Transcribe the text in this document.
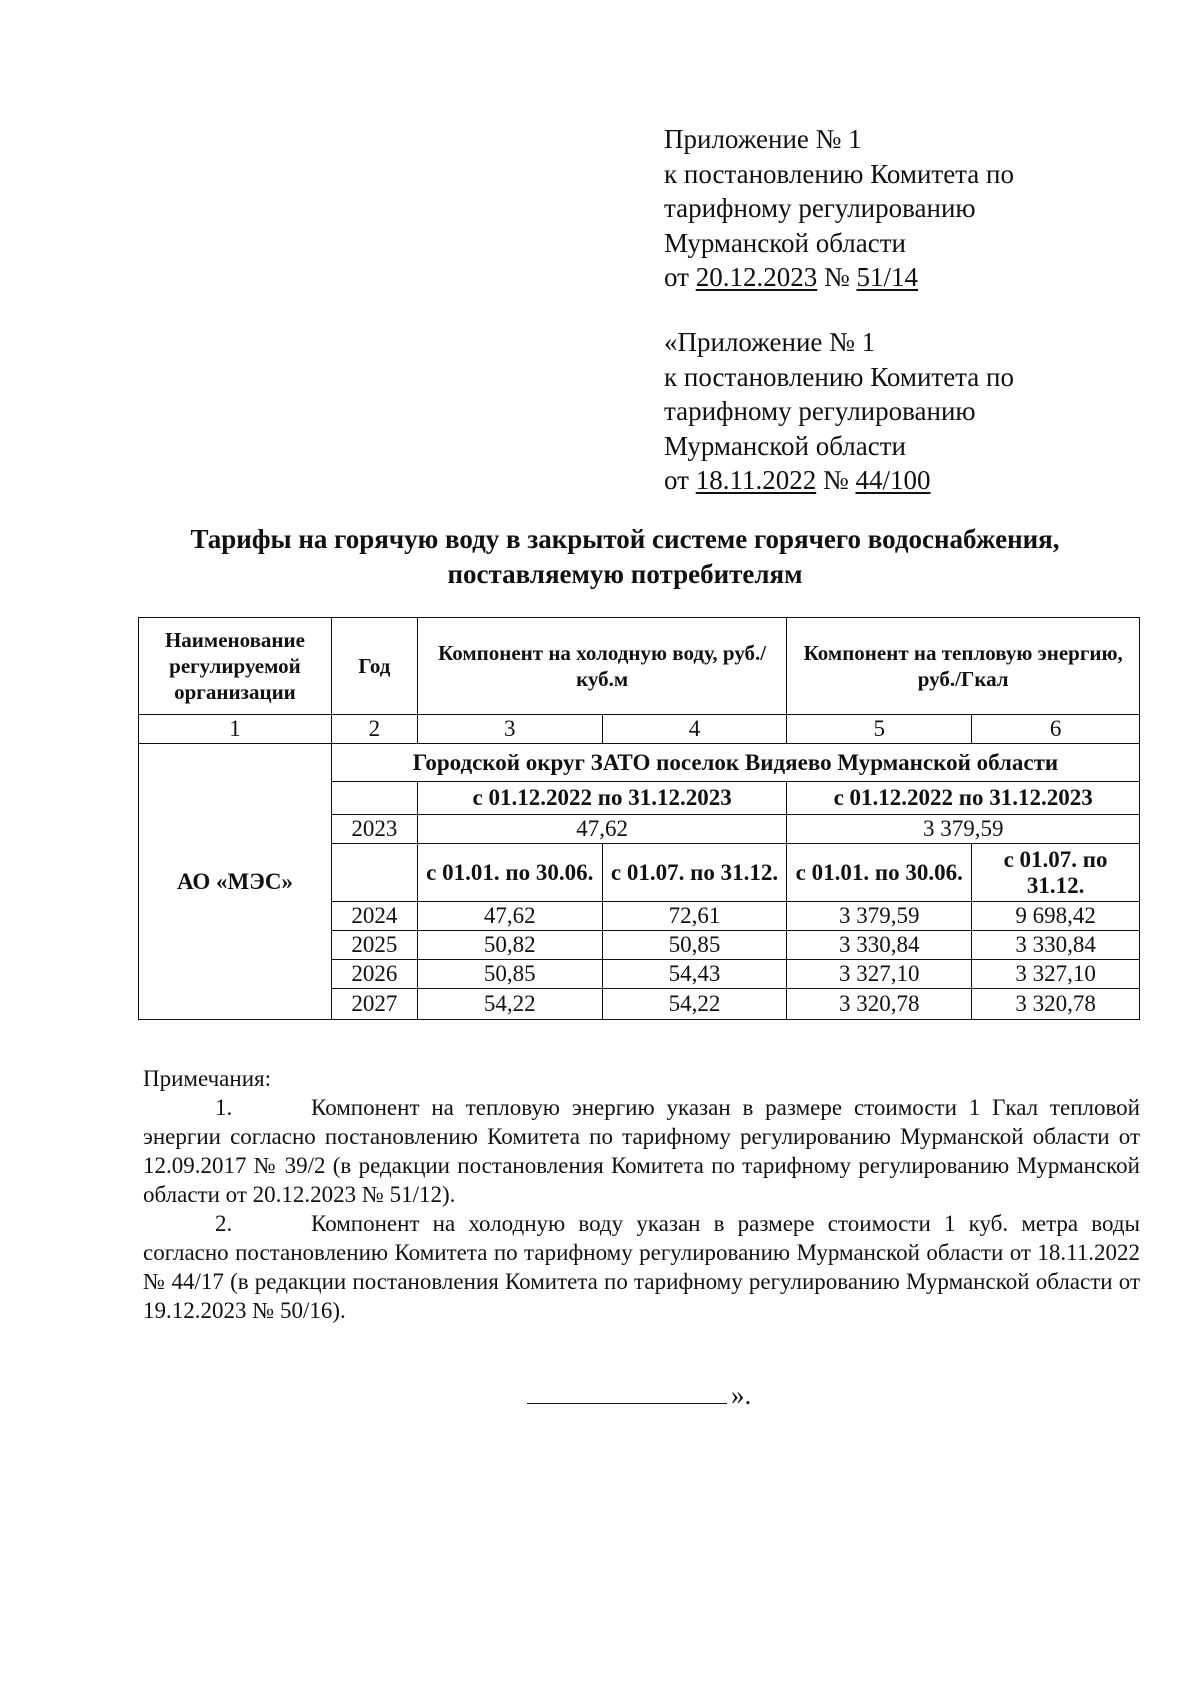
Приложение № 1
к постановлению Комитета по
тарифному регулированию
Мурманской области
от 20.12.2023 № 51/14
«Приложение № 1
к постановлению Комитета по
тарифному регулированию
Мурманской области
от 18.11.2022 № 44/100
Тарифы на горячую воду в закрытой системе горячего водоснабжения,
поставляемую потребителям
Наименование регулируемой организации	Год	Компонент на холодную воду, руб./куб.м		Компонент на тепловую энергию, руб./Гкал	
1	2	3	4	5	6
АО «МЭС»	Городской округ ЗАТО поселок Видяево Мурманской области				
		с 01.12.2022 по 31.12.2023		с 01.12.2022 по 31.12.2023	
	2023	47,62		3 379,59	
		с 01.01. по 30.06.	с 01.07. по 31.12.	с 01.01. по 30.06.	с 01.07. по 31.12.
	2024	47,62	72,61	3 379,59	9 698,42
	2025	50,82	50,85	3 330,84	3 330,84
	2026	50,85	54,43	3 327,10	3 327,10
	2027	54,22	54,22	3 320,78	3 320,78
Примечания:

1.	Компонент на тепловую энергию указан в размере стоимости 1 Гкал тепловой энергии согласно постановлению Комитета по тарифному регулированию Мурманской области от 12.09.2017 № 39/2 (в редакции постановления Комитета по тарифному регулированию Мурманской области от 20.12.2023 № 51/12).

2.	Компонент на холодную воду указан в размере стоимости 1 куб. метра воды согласно постановлению Комитета по тарифному регулированию Мурманской области от 18.11.2022 № 44/17 (в редакции постановления Комитета по тарифному регулированию Мурманской области от 19.12.2023 № 50/16).

».
